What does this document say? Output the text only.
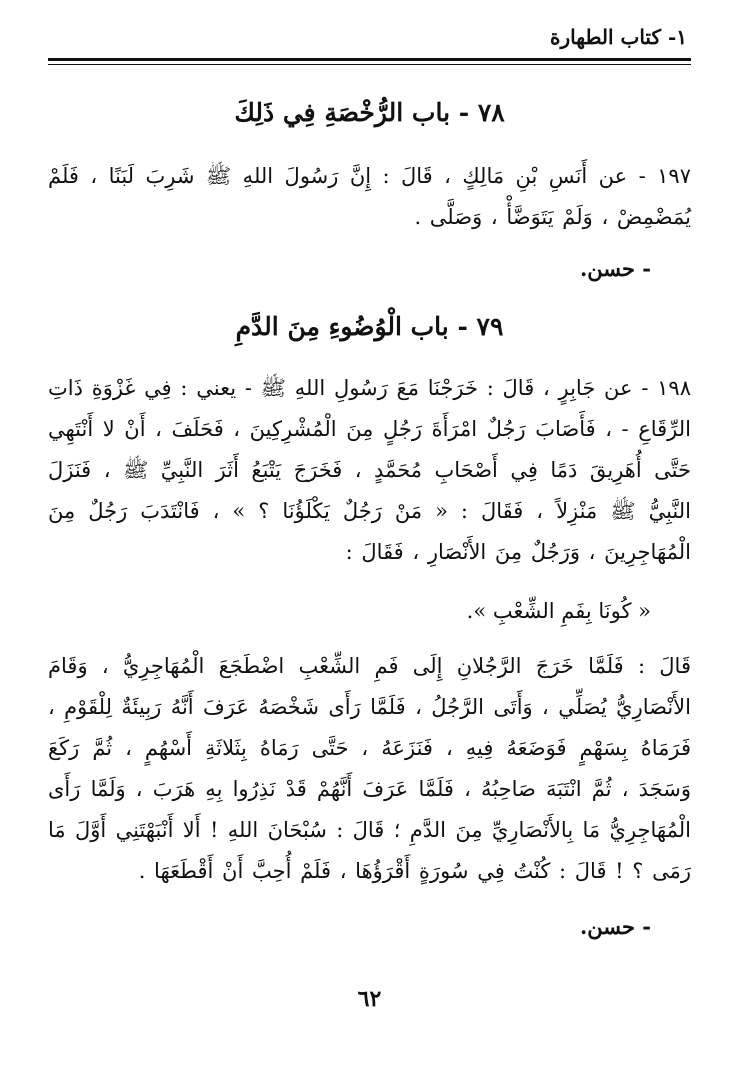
١- كتاب الطهارة
٧٨ - باب الرُّخْصَةِ فِي ذَلِكَ
١٩٧ - عن أَنَسِ بْنِ مَالِكٍ ، قَالَ : إِنَّ رَسُولَ اللهِ ﷺ شَرِبَ لَبَنًا ، فَلَمْ يُمَضْمِضْ ، وَلَمْ يَتَوَضَّأْ ، وَصَلَّى .
- حسن.
٧٩ - باب الْوُضُوءِ مِنَ الدَّمِ
١٩٨ - عن جَابِرٍ ، قَالَ : خَرَجْنَا مَعَ رَسُولِ اللهِ ﷺ - يعني : فِي غَزْوَةِ ذَاتِ الرِّقَاعِ - ، فَأَصَابَ رَجُلٌ امْرَأَةَ رَجُلٍ مِنَ الْمُشْرِكِينَ ، فَحَلَفَ ، أَنْ لا أَنْتَهِي حَتَّى أُهَرِيقَ دَمًا فِي أَصْحَابِ مُحَمَّدٍ ، فَخَرَجَ يَتْبَعُ أَثَرَ النَّبِيِّ ﷺ ، فَنَزَلَ النَّبِيُّ ﷺ مَنْزِلاً ، فَقَالَ : « مَنْ رَجُلٌ يَكْلَؤُنَا ؟ » ، فَانْتَدَبَ رَجُلٌ مِنَ الْمُهَاجِرِينَ ، وَرَجُلٌ مِنَ الأَنْصَارِ ، فَقَالَ :
« كُونَا بِفَمِ الشِّعْبِ ».
قَالَ : فَلَمَّا خَرَجَ الرَّجُلانِ إِلَى فَمِ الشِّعْبِ اضْطَجَعَ الْمُهَاجِرِيُّ ، وَقَامَ الأَنْصَارِيُّ يُصَلِّي ، وَأَتَى الرَّجُلُ ، فَلَمَّا رَأَى شَخْصَهُ عَرَفَ أَنَّهُ رَبِيئَةٌ لِلْقَوْمِ ، فَرَمَاهُ بِسَهْمٍ فَوَضَعَهُ فِيهِ ، فَنَزَعَهُ ، حَتَّى رَمَاهُ بِثَلاثَةِ أَسْهُمٍ ، ثُمَّ رَكَعَ وَسَجَدَ ، ثُمَّ انْتَبَهَ صَاحِبُهُ ، فَلَمَّا عَرَفَ أَنَّهُمْ قَدْ نَذِرُوا بِهِ هَرَبَ ، وَلَمَّا رَأَى الْمُهَاجِرِيُّ مَا بِالأَنْصَارِيِّ مِنَ الدَّمِ ؛ قَالَ : سُبْحَانَ اللهِ ! أَلا أَنْبَهْتَنِي أَوَّلَ مَا رَمَى ؟ ! قَالَ : كُنْتُ فِي سُورَةٍ أَقْرَؤُهَا ، فَلَمْ أُحِبَّ أَنْ أَقْطَعَهَا .
- حسن.
٦٢
